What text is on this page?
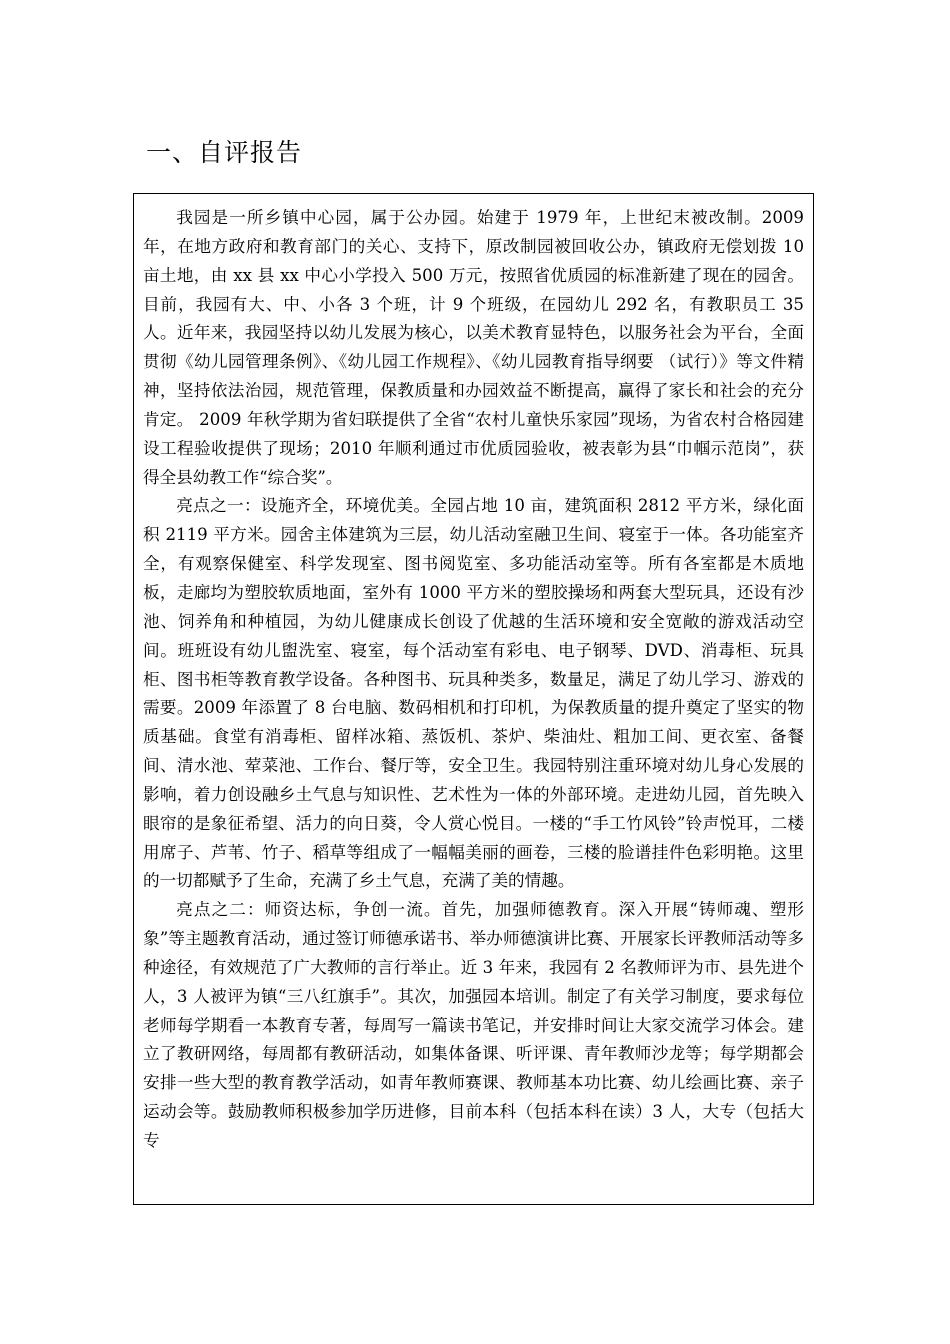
一、自评报告

我园是一所乡镇中心园，属于公办园。始建于 1979 年，上世纪末被改制。2009 年，在地方政府和教育部门的关心、支持下，原改制园被回收公办，镇政府无偿划拨 10 亩土地，由 xx 县 xx 中心小学投入 500 万元，按照省优质园的标准新建了现在的园舍。目前，我园有大、中、小各 3 个班，计 9 个班级，在园幼儿 292 名，有教职员工 35 人。近年来，我园坚持以幼儿发展为核心，以美术教育显特色，以服务社会为平台，全面贯彻《幼儿园管理条例》、《幼儿园工作规程》、《幼儿园教育指导纲要 （试行）》等文件精神，坚持依法治园，规范管理，保教质量和办园效益不断提高，赢得了家长和社会的充分肯定。 2009 年秋学期为省妇联提供了全省“农村儿童快乐家园”现场，为省农村合格园建设工程验收提供了现场；2010 年顺利通过市优质园验收，被表彰为县“巾帼示范岗”，获得全县幼教工作“综合奖”。

亮点之一：设施齐全，环境优美。全园占地 10 亩，建筑面积 2812 平方米，绿化面积 2119 平方米。园舍主体建筑为三层，幼儿活动室融卫生间、寝室于一体。各功能室齐全，有观察保健室、科学发现室、图书阅览室、多功能活动室等。所有各室都是木质地板，走廊均为塑胶软质地面，室外有 1000 平方米的塑胶操场和两套大型玩具，还设有沙池、饲养角和种植园，为幼儿健康成长创设了优越的生活环境和安全宽敞的游戏活动空间。班班设有幼儿盥洗室、寝室，每个活动室有彩电、电子钢琴、DVD、消毒柜、玩具柜、图书柜等教育教学设备。各种图书、玩具种类多，数量足，满足了幼儿学习、游戏的需要。2009 年添置了 8 台电脑、数码相机和打印机，为保教质量的提升奠定了坚实的物质基础。食堂有消毒柜、留样冰箱、蒸饭机、茶炉、柴油灶、粗加工间、更衣室、备餐间、清水池、荤菜池、工作台、餐厅等，安全卫生。我园特别注重环境对幼儿身心发展的影响，着力创设融乡土气息与知识性、艺术性为一体的外部环境。走进幼儿园，首先映入眼帘的是象征希望、活力的向日葵，令人赏心悦目。一楼的“手工竹风铃”铃声悦耳，二楼用席子、芦苇、竹子、稻草等组成了一幅幅美丽的画卷，三楼的脸谱挂件色彩明艳。这里的一切都赋予了生命，充满了乡土气息，充满了美的情趣。

亮点之二：师资达标，争创一流。首先，加强师德教育。深入开展“铸师魂、塑形象”等主题教育活动，通过签订师德承诺书、举办师德演讲比赛、开展家长评教师活动等多种途径，有效规范了广大教师的言行举止。近 3 年来，我园有 2 名教师评为市、县先进个人，3 人被评为镇“三八红旗手”。其次，加强园本培训。制定了有关学习制度，要求每位老师每学期看一本教育专著，每周写一篇读书笔记，并安排时间让大家交流学习体会。建立了教研网络，每周都有教研活动，如集体备课、听评课、青年教师沙龙等；每学期都会安排一些大型的教育教学活动，如青年教师赛课、教师基本功比赛、幼儿绘画比赛、亲子运动会等。鼓励教师积极参加学历进修，目前本科（包括本科在读）3 人，大专（包括大专
